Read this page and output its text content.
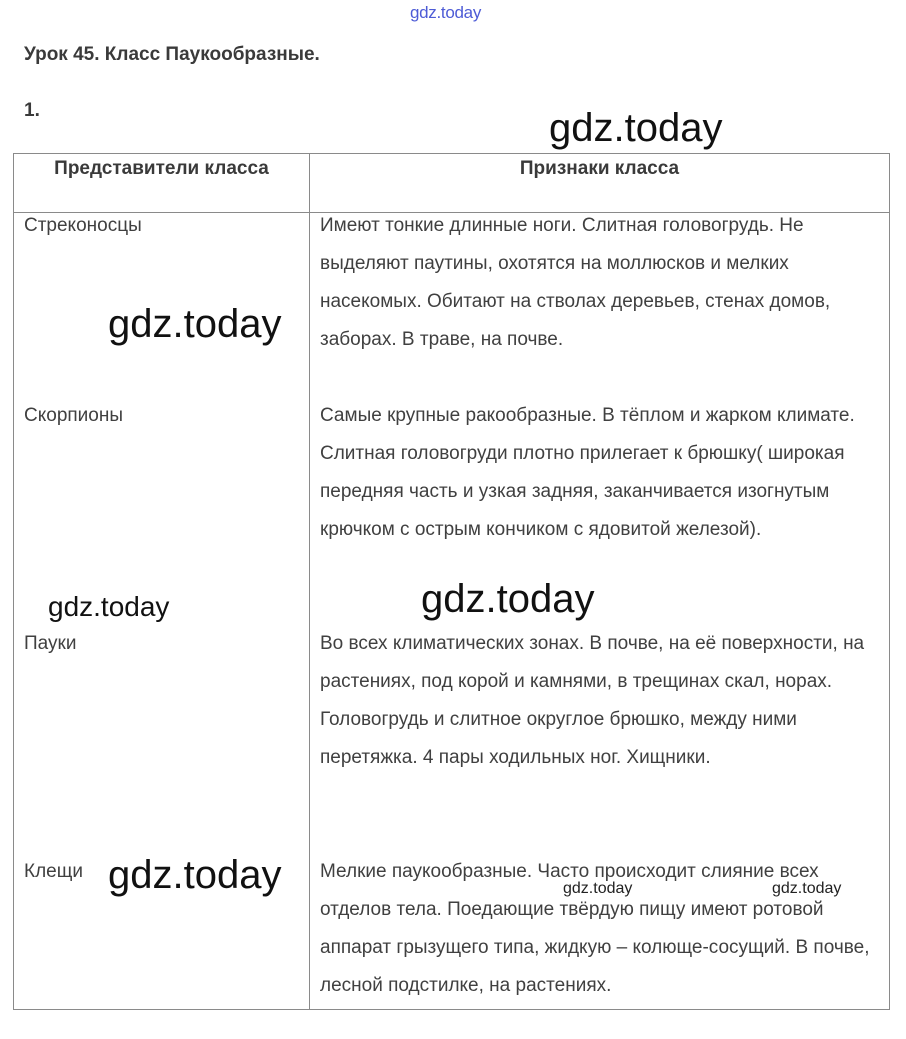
gdz.today
Урок 45. Класс Паукообразные.
1.
Представители класса	Признаки класса
Стреконосцы	Имеют тонкие длинные ноги. Слитная головогрудь. Не выделяют паутины, охотятся на моллюсков и мелких насекомых. Обитают на стволах деревьев, стенах домов, заборах. В траве, на почве.
Скорпионы	Самые крупные ракообразные. В тёплом и жарком климате. Слитная головогруди плотно прилегает к брюшку( широкая передняя часть и узкая задняя, заканчивается изогнутым крючком с острым кончиком с ядовитой железой).
Пауки	Во всех климатических зонах. В почве, на её поверхности, на растениях, под корой и камнями, в трещинах скал, норах. Головогрудь и слитное округлое брюшко, между ними перетяжка. 4 пары ходильных ног. Хищники.
Клещи	Мелкие паукообразные. Часто происходит слияние всех отделов тела. Поедающие твёрдую пищу имеют ротовой аппарат грызущего типа, жидкую – колюще-сосущий. В почве, лесной подстилке, на растениях.
gdz.today
gdz.today
gdz.today	gdz.today
gdz.today	gdz.today	gdz.today
